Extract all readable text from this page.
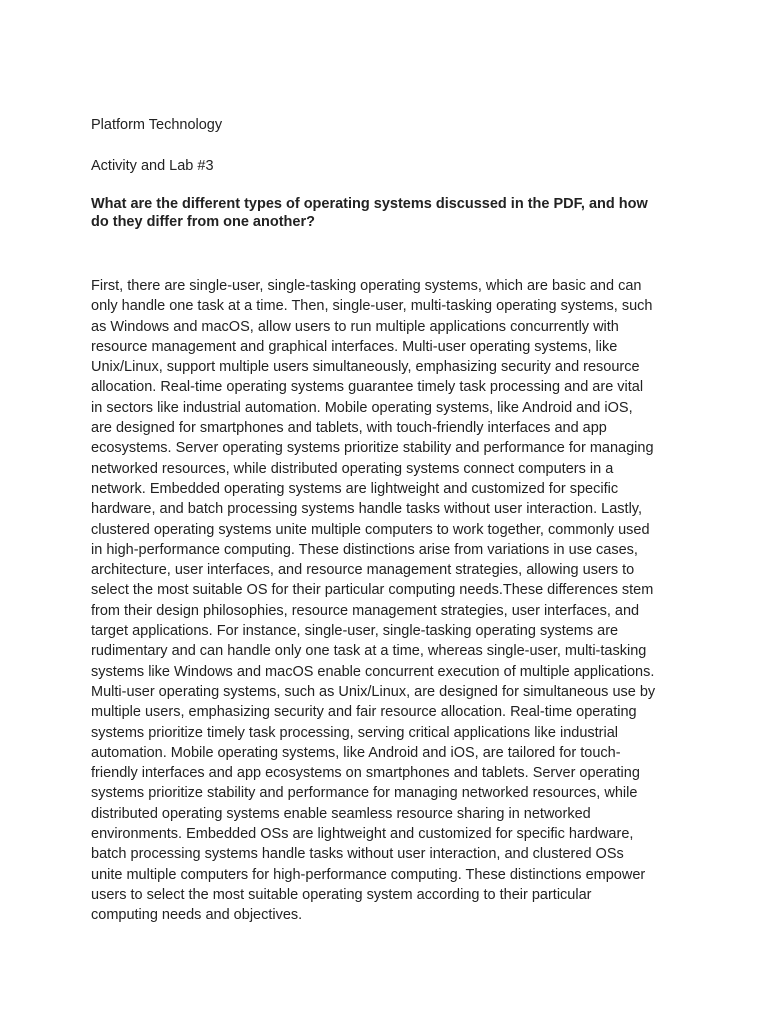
Platform Technology
Activity and Lab #3
What are the different types of operating systems discussed in the PDF, and how
do they differ from one another?
First, there are single-user, single-tasking operating systems, which are basic and can
only handle one task at a time. Then, single-user, multi-tasking operating systems, such
as Windows and macOS, allow users to run multiple applications concurrently with
resource management and graphical interfaces. Multi-user operating systems, like
Unix/Linux, support multiple users simultaneously, emphasizing security and resource
allocation. Real-time operating systems guarantee timely task processing and are vital
in sectors like industrial automation. Mobile operating systems, like Android and iOS,
are designed for smartphones and tablets, with touch-friendly interfaces and app
ecosystems. Server operating systems prioritize stability and performance for managing
networked resources, while distributed operating systems connect computers in a
network. Embedded operating systems are lightweight and customized for specific
hardware, and batch processing systems handle tasks without user interaction. Lastly,
clustered operating systems unite multiple computers to work together, commonly used
in high-performance computing. These distinctions arise from variations in use cases,
architecture, user interfaces, and resource management strategies, allowing users to
select the most suitable OS for their particular computing needs.These differences stem
from their design philosophies, resource management strategies, user interfaces, and
target applications. For instance, single-user, single-tasking operating systems are
rudimentary and can handle only one task at a time, whereas single-user, multi-tasking
systems like Windows and macOS enable concurrent execution of multiple applications.
Multi-user operating systems, such as Unix/Linux, are designed for simultaneous use by
multiple users, emphasizing security and fair resource allocation. Real-time operating
systems prioritize timely task processing, serving critical applications like industrial
automation. Mobile operating systems, like Android and iOS, are tailored for touch-
friendly interfaces and app ecosystems on smartphones and tablets. Server operating
systems prioritize stability and performance for managing networked resources, while
distributed operating systems enable seamless resource sharing in networked
environments. Embedded OSs are lightweight and customized for specific hardware,
batch processing systems handle tasks without user interaction, and clustered OSs
unite multiple computers for high-performance computing. These distinctions empower
users to select the most suitable operating system according to their particular
computing needs and objectives.
